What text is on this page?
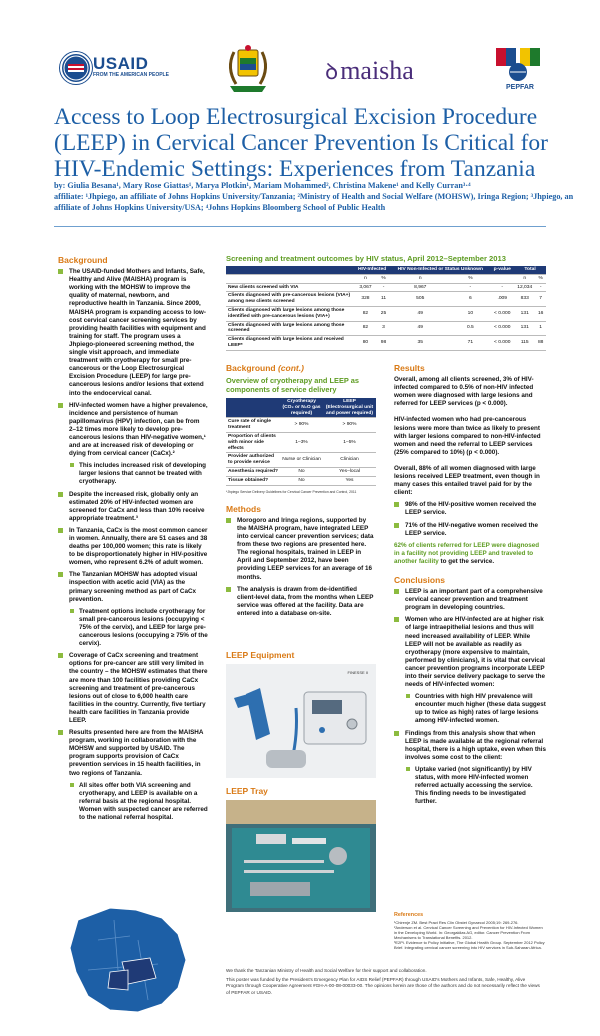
USAID
FROM THE AMERICAN PEOPLE	ꝺmaisha
PEPFAR
Access to Loop Electrosurgical Excision Procedure (LEEP) in Cervical Cancer Prevention Is Critical for HIV-Endemic Settings: Experiences from Tanzania
by: Giulia Besana¹, Mary Rose Giattas¹, Marya Plotkin¹, Mariam Mohammed², Christina Makene¹ and Kelly Curran³·⁴
affiliate: ¹Jhpiego, an affiliate of Johns Hopkins University/Tanzania; ²Ministry of Health and Social Welfare (MOHSW), Iringa Region; ³Jhpiego, an affiliate of Johns Hopkins University/USA; ⁴Johns Hopkins Bloomberg School of Public Health
Background
The USAID-funded Mothers and Infants, Safe, Healthy and Alive (MAISHA) program is working with the MOHSW to improve the quality of maternal, newborn, and reproductive health in Tanzania. Since 2009, MAISHA program is expanding access to low-cost cervical cancer screening services by providing health facilities with equipment and training for staff. The program uses a Jhpiego-pioneered screening method, the single visit approach, and immediate treatment with cryotherapy for small pre-cancerous or the Loop Electrosurgical Excision Procedure (LEEP) for large pre-cancerous lesions and/or lesions that extend into the endocervical canal.
HIV-infected women have a higher prevalence, incidence and persistence of human papillomavirus (HPV) infection, can be from 2–12 times more likely to develop pre-cancerous lesions than HIV-negative women,¹ and are at increased risk of developing or dying from cervical cancer (CaCx).²
This includes increased risk of developing larger lesions that cannot be treated with cryotherapy.
Despite the increased risk, globally only an estimated 20% of HIV-infected women are screened for CaCx and less than 10% receive appropriate treatment.³
In Tanzania, CaCx is the most common cancer in women. Annually, there are 51 cases and 38 deaths per 100,000 women; this rate is likely to be disproportionately higher in HIV-positive women, who represent 6.2% of adult women.
The Tanzanian MOHSW has adopted visual inspection with acetic acid (VIA) as the primary screening method as part of CaCx prevention.
Treatment options include cryotherapy for small pre-cancerous lesions (occupying < 75% of the cervix), and LEEP for large pre-cancerous lesions (occupying ≥ 75% of the cervix).
Coverage of CaCx screening and treatment options for pre-cancer are still very limited in the country – the MOHSW estimates that there are more than 100 facilities providing CaCx screening and treatment of pre-cancerous lesions out of close to 6,000 health care facilities in the country. Currently, five tertiary health care facilities in Tanzania provide LEEP.
Results presented here are from the MAISHA program, working in collaboration with the MOHSW and supported by USAID. The program supports provision of CaCx prevention services in 15 health facilities, in two regions of Tanzania.
All sites offer both VIA screening and cryotherapy, and LEEP is available on a referral basis at the regional hospital. Women with suspected cancer are referred to the national referral hospital.
Screening and treatment outcomes by HIV status, April 2012–September 2013
	HIV-Infected		HIV Non-Infected or Status Unknown		p-value	Total	
	n	%	n	%		n	%
New clients screened with VIA	3,067	-	8,967	-	-	12,034	-
Clients diagnosed with pre-cancerous lesions (VIA+) among new clients screened	328	11	505	6	.009	833	7
Clients diagnosed with large lesions among those identified with pre-cancerous lesions (VIA+)	82	25	49	10	< 0.000	131	16
Clients diagnosed with large lesions among those screened	82	3	49	0.5	< 0.000	131	1
Clients diagnosed with large lesions and received LEEP*	80	98	35	71	< 0.000	115	88
Background (cont.)
Overview of cryotherapy and LEEP as components of service delivery
	Cryotherapy (CO₂ or N₂O gas required)	LEEP (Electrosurgical unit and power required)
Cure rate of single treatment	> 90%	> 90%
Proportion of clients with minor side effects	1–3%	1–5%
Provider authorized to provide service	Nurse or Clinician	Clinician
Anesthesia required?	No	Yes–local
Tissue obtained?	No	Yes
*Jhpiego Service Delivery Guidelines for Cervical Cancer Prevention and Control, 2011
Methods
Morogoro and Iringa regions, supported by the MAISHA program, have integrated LEEP into cervical cancer prevention services; data from these two regions are presented here. The regional hospitals, trained in LEEP in April and September 2012, have been providing LEEP services for an average of 16 months.
The analysis is drawn from de-identified client-level data, from the months when LEEP service was offered at the facility. Data are entered into a database on-site.
LEEP Equipment
FINESSE II
LEEP Tray
Results
Overall, among all clients screened, 3% of HIV-infected compared to 0.5% of non-HIV infected women were diagnosed with large lesions and referred for LEEP services (p < 0.000).
HIV-infected women who had pre-cancerous lesions were more than twice as likely to present with larger lesions compared to non-HIV-infected women and need the referral to LEEP services (25% compared to 10%) (p < 0.000).
Overall, 88% of all women diagnosed with large lesions received LEEP treatment, even though in many cases this entailed travel paid for by the client:
98% of the HIV-positive women received the LEEP service.
71% of the HIV-negative women received the LEEP service.
62% of clients referred for LEEP were diagnosed in a facility not providing LEEP and traveled to another facility to get the service.
Conclusions
LEEP is an important part of a comprehensive cervical cancer prevention and treatment program in developing countries.
Women who are HIV-infected are at higher risk of large intraepithelial lesions and thus will need increased availability of LEEP. While LEEP will not be available as readily as cryotherapy (more expensive to maintain, performed by clinicians), it is vital that cervical cancer prevention programs incorporate LEEP into their service delivery package to serve the needs of HIV-infected women:
Countries with high HIV prevalence will encounter much higher (these data suggest up to twice as high) rates of large lesions among HIV-infected women.
Findings from this analysis show that when LEEP is made available at the regional referral hospital, there is a high uptake, even when this involves some cost to the client:
Uptake varied (not significantly) by HIV status, with more HIV-infected women referred actually accessing the service. This finding needs to be investigated further.
References
¹Chirenje ZM. Best Pract Res Clin Obstet Gynaecol 2005;19: 269-276.
²Anderson et al. Cervical Cancer Screening and Prevention for HIV-Infected Women in the Developing World. In: Georgakilas AG, editor. Cancer Prevention From Mechanisms to Translational Benefits. 2012.
³E2Pi. Evidence to Policy Initiative, The Global Health Group. September 2012 Policy Brief. Integrating cervical cancer screening into HIV services in Sub-Saharan Africa.
We thank the Tanzanian Ministry of Health and Social Welfare for their support and collaboration.
This poster was funded by the President's Emergency Plan for AIDS Relief (PEPFAR) through USAID's Mothers and Infants, Safe, Healthy, Alive Program through Cooperative Agreement #GH-A-00-08-00033-00. The opinions herein are those of the authors and do not necessarily reflect the views of PEPFAR or USAID.
